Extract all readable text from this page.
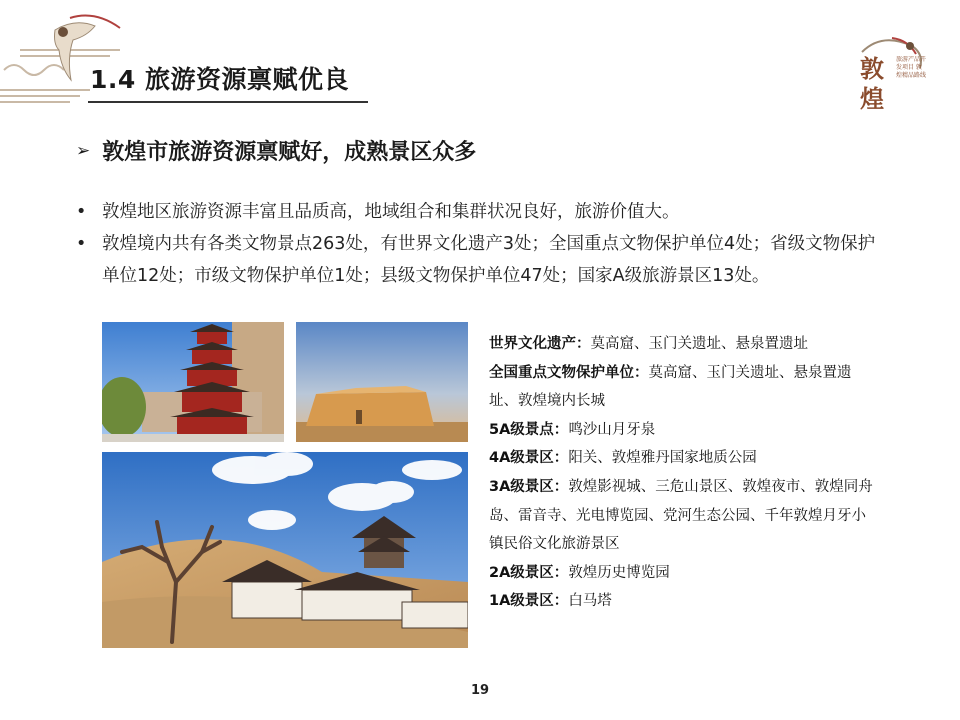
1.4 旅游资源禀赋优良	敦煌
旅游产品开发项目 敦煌精品路线
➢ 敦煌市旅游资源禀赋好，成熟景区众多
• 敦煌地区旅游资源丰富且品质高，地域组合和集群状况良好，旅游价值大。
• 敦煌境内共有各类文物景点263处，有世界文化遗产3处；全国重点文物保护单位4处；省级文物保护单位12处；市级文物保护单位1处；县级文物保护单位47处；国家A级旅游景区13处。
世界文化遗产：莫高窟、玉门关遗址、悬泉置遗址
全国重点文物保护单位：莫高窟、玉门关遗址、悬泉置遗址、敦煌境内长城
5A级景点：鸣沙山月牙泉
4A级景区：阳关、敦煌雅丹国家地质公园
3A级景区：敦煌影视城、三危山景区、敦煌夜市、敦煌同舟岛、雷音寺、光电博览园、党河生态公园、千年敦煌月牙小镇民俗文化旅游景区
2A级景区：敦煌历史博览园
1A级景区：白马塔
19
